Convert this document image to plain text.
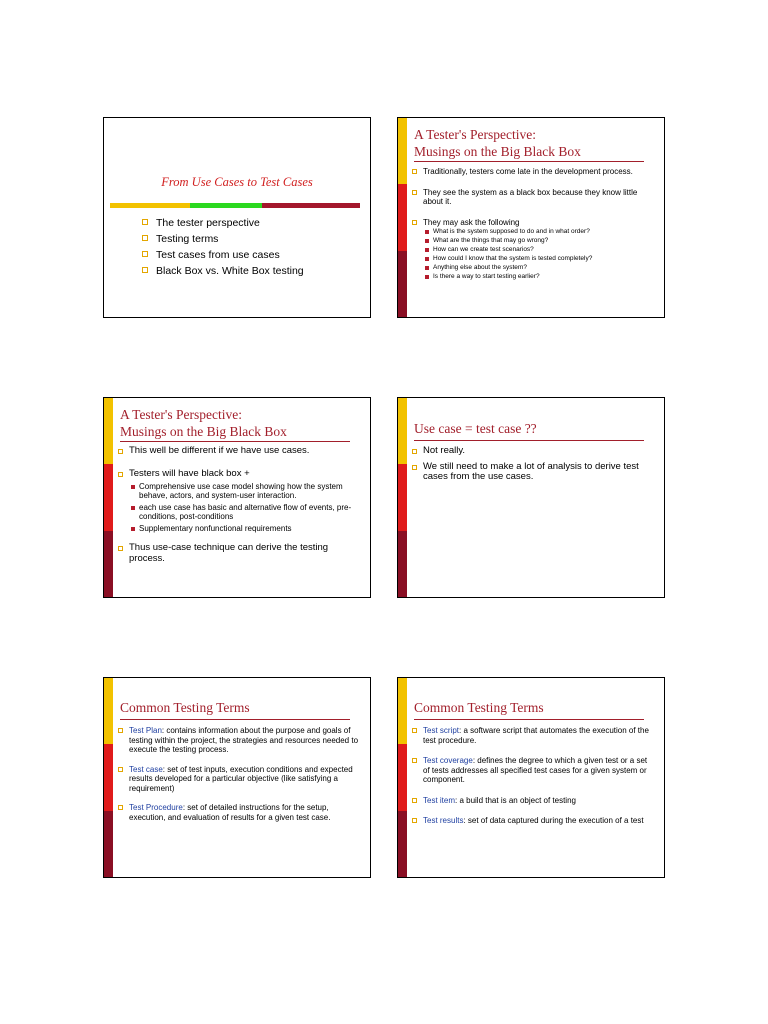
From Use Cases to Test Cases
The tester perspective
Testing terms
Test cases from use cases
Black Box vs. White Box testing
A Tester's Perspective:
Musings on the Big Black Box
Traditionally, testers come late in the development process.
They see the system as a black box because they know little about it.
They may ask the following
What is the system supposed to do and in what order?
What are the things that may go wrong?
How can we create test scenarios?
How could I know that the system is tested completely?
Anything else about the system?
Is there a way to start testing earlier?
A Tester's Perspective:
Musings on the Big Black Box
This well be different if we have use cases.
Testers will have black box +
Comprehensive use case model showing how the system behave, actors, and system-user interaction.
each use case has basic and alternative flow of events, pre-conditions, post-conditions
Supplementary nonfunctional requirements
Thus use-case technique can derive the testing process.
Use case = test case ??
Not really.
We still need to make a lot of analysis to derive test cases from the use cases.
Common Testing Terms
Test Plan: contains information about the purpose and goals of testing within the project, the strategies and resources needed to execute the testing process.
Test case: set of test inputs, execution conditions and expected results developed for a particular objective (like satisfying a requirement)
Test Procedure: set of detailed instructions for the setup, execution, and evaluation of results for a given test case.
Common Testing Terms
Test script: a software script that automates the execution of the test procedure.
Test coverage: defines the degree to which a given test or a set of tests addresses all specified test cases for a given system or component.
Test item: a build that is an object of testing
Test results: set of data captured during the execution of a test
